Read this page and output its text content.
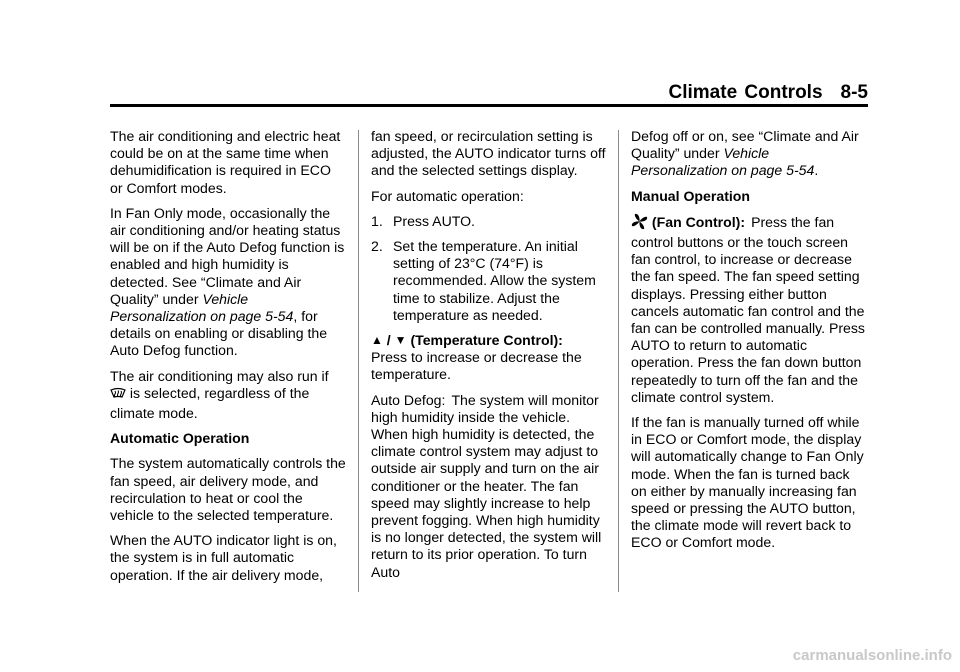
Climate Controls 8-5

The air conditioning and electric heat could be on at the same time when dehumidification is required in ECO or Comfort modes.

In Fan Only mode, occasionally the air conditioning and/or heating status will be on if the Auto Defog function is enabled and high humidity is detected. See “Climate and Air Quality” under Vehicle Personalization on page 5-54, for details on enabling or disabling the Auto Defog function.

The air conditioning may also run if  is selected, regardless of the climate mode.

Automatic Operation

The system automatically controls the fan speed, air delivery mode, and recirculation to heat or cool the vehicle to the selected temperature.

When the AUTO indicator light is on, the system is in full automatic operation. If the air delivery mode,

fan speed, or recirculation setting is adjusted, the AUTO indicator turns off and the selected settings display.

For automatic operation:

1. Press AUTO.
2. Set the temperature. An initial setting of 23°C (74°F) is recommended. Allow the system time to stabilize. Adjust the temperature as needed.

▲ / ▼ (Temperature Control):
Press to increase or decrease the temperature.

Auto Defog: The system will monitor high humidity inside the vehicle. When high humidity is detected, the climate control system may adjust to outside air supply and turn on the air conditioner or the heater. The fan speed may slightly increase to help prevent fogging. When high humidity is no longer detected, the system will return to its prior operation. To turn Auto

Defog off or on, see “Climate and Air Quality” under Vehicle Personalization on page 5-54.

Manual Operation

(Fan Control): Press the fan control buttons or the touch screen fan control, to increase or decrease the fan speed. The fan speed setting displays. Pressing either button cancels automatic fan control and the fan can be controlled manually. Press AUTO to return to automatic operation. Press the fan down button repeatedly to turn off the fan and the climate control system.

If the fan is manually turned off while in ECO or Comfort mode, the display will automatically change to Fan Only mode. When the fan is turned back on either by manually increasing fan speed or pressing the AUTO button, the climate mode will revert back to ECO or Comfort mode.

carmanualsonline.info
